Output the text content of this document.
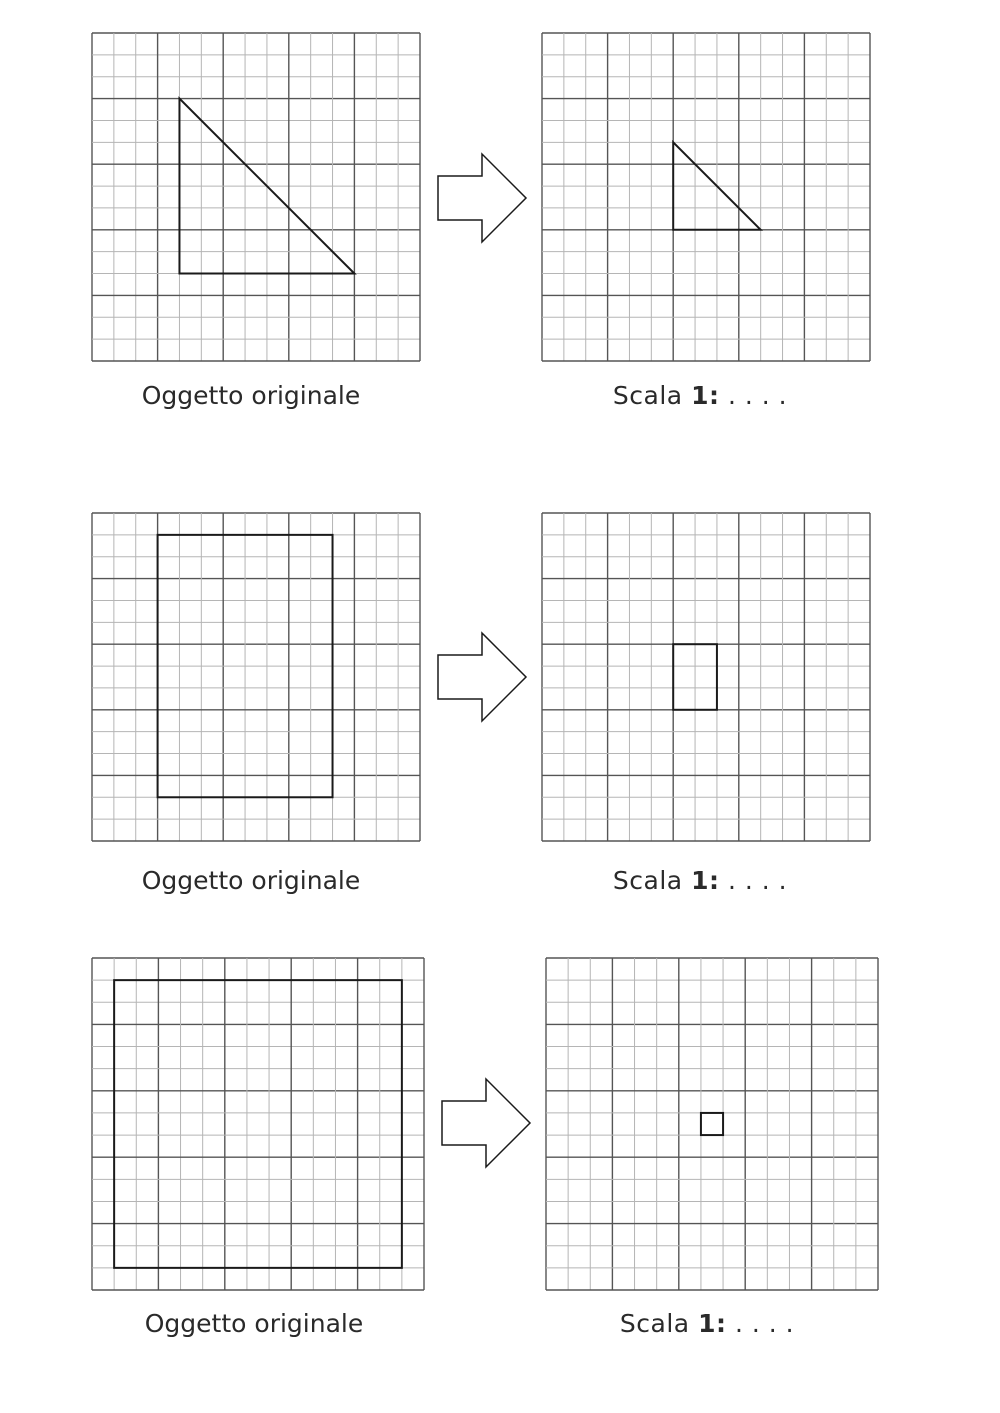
Oggetto originale	Scala 1: . . . .
Oggetto originale	Scala 1: . . . .
Oggetto originale	Scala 1: . . . .
